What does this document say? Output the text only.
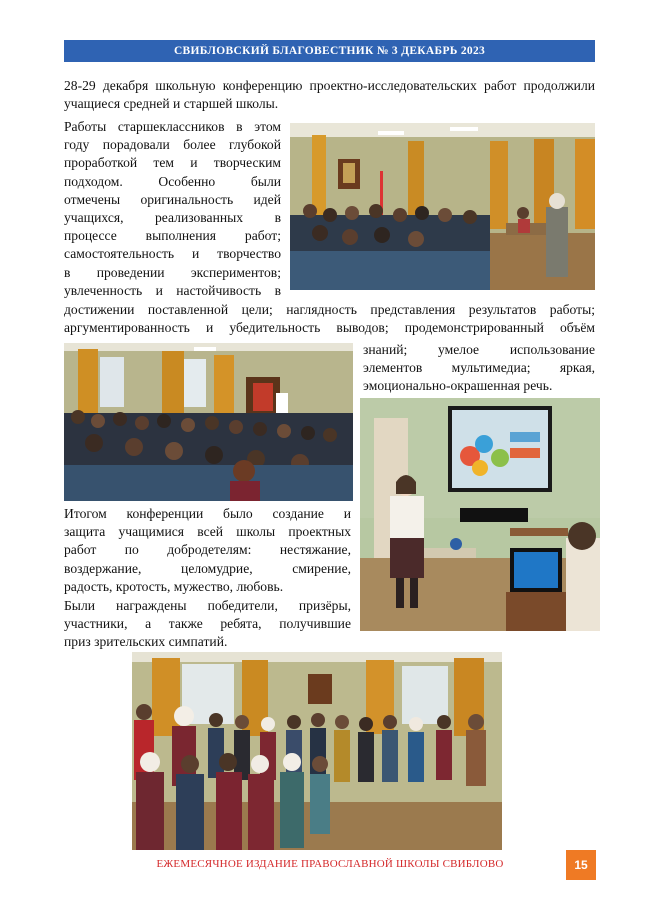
СВИБЛОВСКИЙ БЛАГОВЕСТНИК № 3 ДЕКАБРЬ 2023

28-29 декабря школьную конференцию проектно-исследовательских работ продолжили учащиеся средней и старшей школы.

Работы старшеклассников в этом

году порадовали более глубокой

проработкой тем и творческим

подходом. Особенно были

отмечены оригинальность идей

учащихся, реализованных в

процессе выполнения работ;

самостоятельность и творчество

в проведении экспериментов;

увлеченность и настойчивость в

достижении поставленной цели; наглядность представления результатов работы;

аргументированность и убедительность выводов; продемонстрированный объём

знаний; умелое использование

элементов мультимедиа; яркая,

эмоционально-окрашенная речь.

Итогом конференции было создание и

защита учащимися всей школы проектных

работ по добродетелям: нестяжание,

воздержание, целомудрие, смирение,

радость, кротость, мужество, любовь.

Были награждены победители, призёры,

участники, а также ребята, получившие

приз зрительских симпатий.

ЕЖЕМЕСЯЧНОЕ ИЗДАНИЕ ПРАВОСЛАВНОЙ ШКОЛЫ СВИБЛОВО	15
